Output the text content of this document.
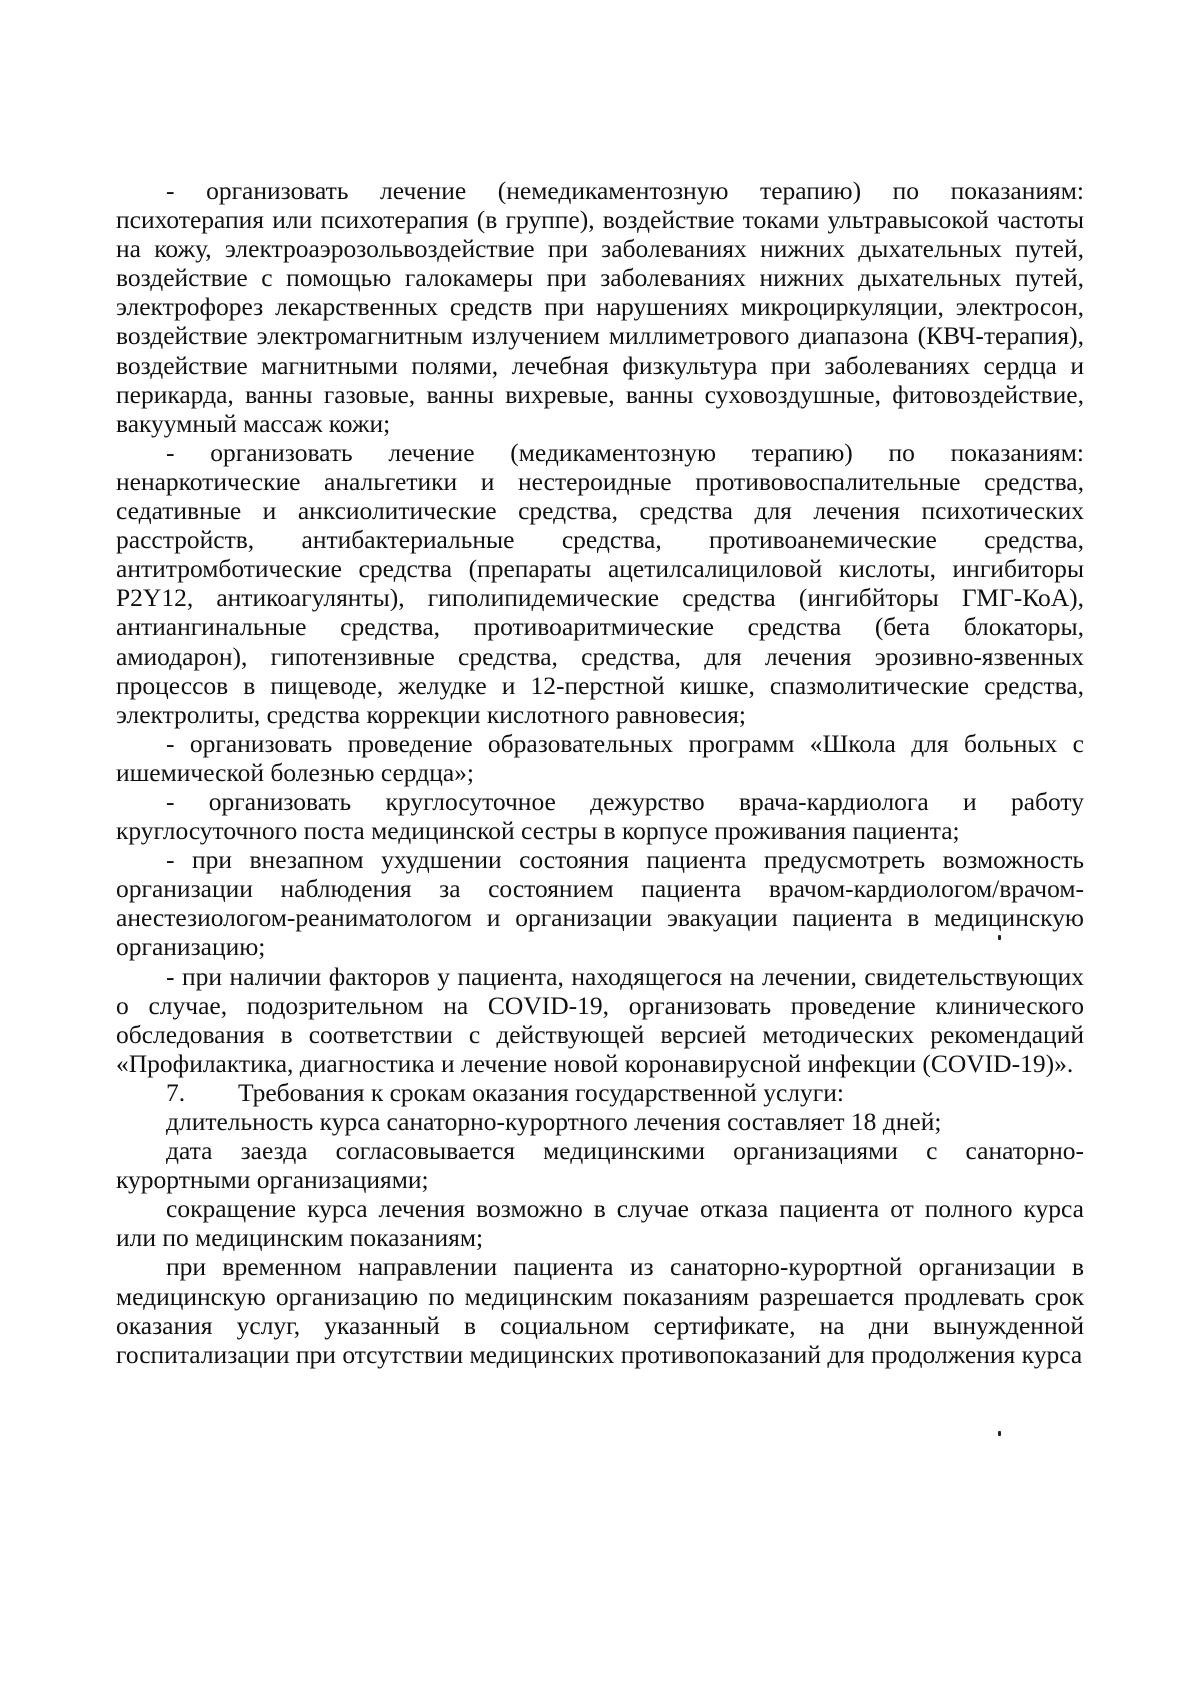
- организовать лечение (немедикаментозную терапию) по показаниям: психотерапия или психотерапия (в группе), воздействие токами ультравысокой частоты на кожу, электроаэрозольвоздействие при заболеваниях нижних дыхательных путей, воздействие с помощью галокамеры при заболеваниях нижних дыхательных путей, электрофорез лекарственных средств при нарушениях микроциркуляции, электросон, воздействие электромагнитным излучением миллиметрового диапазона (КВЧ-терапия), воздействие магнитными полями, лечебная физкультура при заболеваниях сердца и перикарда, ванны газовые, ванны вихревые, ванны суховоздушные, фитовоздействие, вакуумный массаж кожи;

- организовать лечение (медикаментозную терапию) по показаниям: ненаркотические анальгетики и нестероидные противовоспалительные средства, седативные и анксиолитические средства, средства для лечения психотических расстройств, антибактериальные средства, противоанемические средства, антитромботические средства (препараты ацетилсалициловой кислоты, ингибиторы P2Y12, антикоагулянты), гиполипидемические средства (ингибйторы ГМГ-КоА), антиангинальные средства, противоаритмические средства (бета блокаторы, амиодарон), гипотензивные средства, средства, для лечения эрозивно-язвенных процессов в пищеводе, желудке и 12-перстной кишке, спазмолитические средства, электролиты, средства коррекции кислотного равновесия;

- организовать проведение образовательных программ «Школа для больных с ишемической болезнью сердца»;

- организовать круглосуточное дежурство врача-кардиолога и работу круглосуточного поста медицинской сестры в корпусе проживания пациента;

- при внезапном ухудшении состояния пациента предусмотреть возможность организации наблюдения за состоянием пациента врачом-кардиологом/врачом-анестезиологом-реаниматологом и организации эвакуации пациента в медицинскую организацию;

- при наличии факторов у пациента, находящегося на лечении, свидетельствующих о случае, подозрительном на COVID-19, организовать проведение клинического обследования в соответствии с действующей версией методических рекомендаций «Профилактика, диагностика и лечение новой коронавирусной инфекции (COVID-19)».

7. Требования к срокам оказания государственной услуги:

длительность курса санаторно-курортного лечения составляет 18 дней;

дата заезда согласовывается медицинскими организациями с санаторно-курортными организациями;

сокращение курса лечения возможно в случае отказа пациента от полного курса или по медицинским показаниям;

при временном направлении пациента из санаторно-курортной организации в медицинскую организацию по медицинским показаниям разрешается продлевать срок оказания услуг, указанный в социальном сертификате, на дни вынужденной госпитализации при отсутствии медицинских противопоказаний для продолжения курса
